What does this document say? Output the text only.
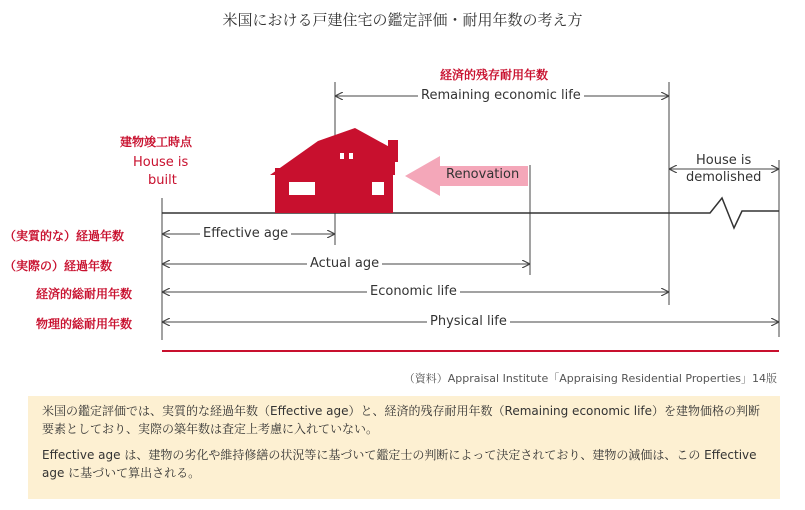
米国における戸建住宅の鑑定評価・耐用年数の考え方
経済的残存耐用年数
Remaining economic life
建物竣工時点
House is
built	Renovation
House is
demolished
（実質的な）経過年数
（実際の）経過年数
経済的総耐用年数
物理的総耐用年数
Effective age
Actual age
Economic life
Physical life
（資料）Appraisal Institute「Appraising Residential Properties」14版

米国の鑑定評価では、実質的な経過年数（Effective age）と、経済的残存耐用年数（Remaining economic life）を建物価格の判断要素としており、実際の築年数は査定上考慮に入れていない。

Effective age は、建物の劣化や維持修繕の状況等に基づいて鑑定士の判断によって決定されており、建物の減価は、この Effective age に基づいて算出される。
